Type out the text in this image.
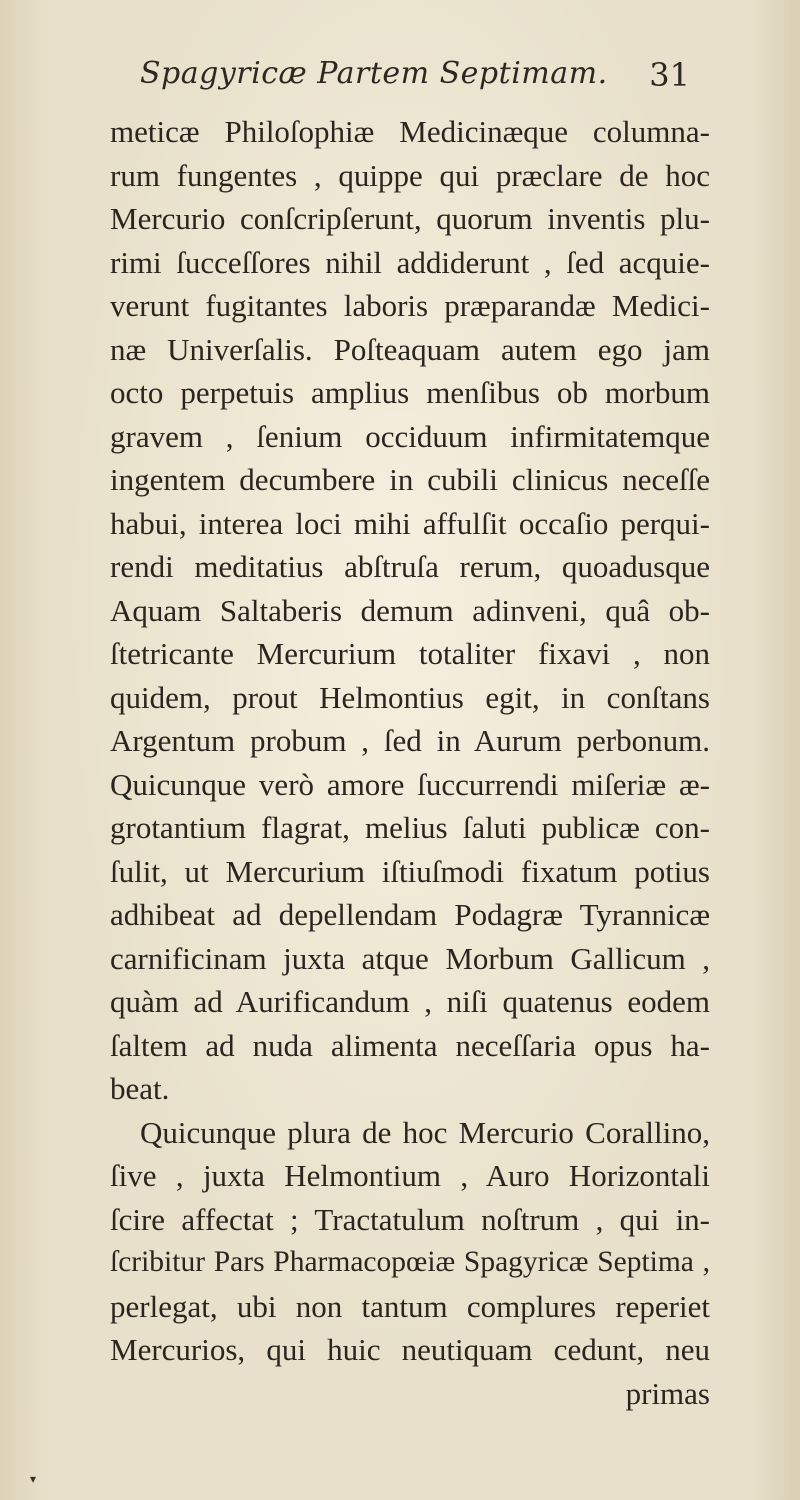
Spagyricæ Partem Septimam. 31
meticæ Philoſophiæ Medicinæque columna-
rum fungentes , quippe qui præclare de hoc
Mercurio conſcripſerunt, quorum inventis plu-
rimi ſucceſſores nihil addiderunt , ſed acquie-
verunt fugitantes laboris præparandæ Medici-
næ Univerſalis. Poſteaquam autem ego jam
octo perpetuis amplius menſibus ob morbum
gravem , ſenium occiduum infirmitatemque
ingentem decumbere in cubili clinicus neceſſe
habui, interea loci mihi affulſit occaſio perqui-
rendi meditatius abſtruſa rerum, quoadusque
Aquam Saltaberis demum adinveni, quâ ob-
ſtetricante Mercurium totaliter fixavi , non
quidem, prout Helmontius egit, in conſtans
Argentum probum , ſed in Aurum perbonum.
Quicunque verò amore ſuccurrendi miſeriæ æ-
grotantium flagrat, melius ſaluti publicæ con-
ſulit, ut Mercurium iſtiuſmodi fixatum potius
adhibeat ad depellendam Podagræ Tyrannicæ
carnificinam juxta atque Morbum Gallicum ,
quàm ad Aurificandum , niſi quatenus eodem
ſaltem ad nuda alimenta neceſſaria opus ha-
beat.
Quicunque plura de hoc Mercurio Corallino,
ſive , juxta Helmontium , Auro Horizontali
ſcire affectat ; Tractatulum noſtrum , qui in-
ſcribitur Pars Pharmacopœiæ Spagyricæ Septima ,
perlegat, ubi non tantum complures reperiet
Mercurios, qui huic neutiquam cedunt, neu
primas
▾
